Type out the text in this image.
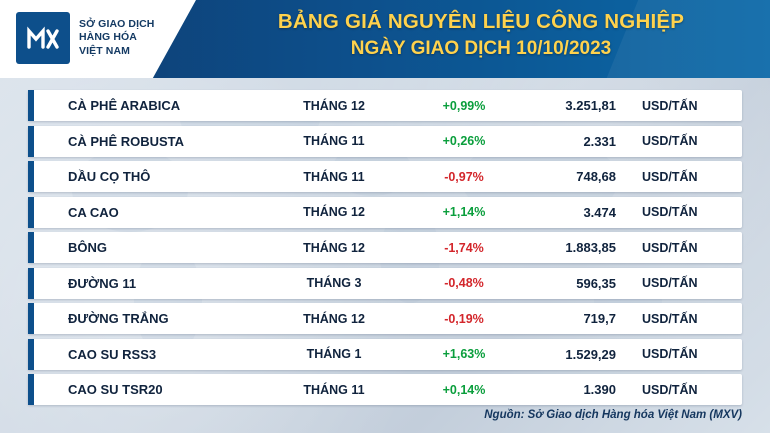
SỞ GIAO DỊCH
HÀNG HÓA
VIỆT NAM
BẢNG GIÁ NGUYÊN LIỆU CÔNG NGHIỆP
NGÀY GIAO DỊCH 10/10/2023
CÀ PHÊ ARABICA	THÁNG 12	+0,99%	3.251,81	USD/TẤN
CÀ PHÊ ROBUSTA	THÁNG 11	+0,26%	2.331	USD/TẤN
DẦU CỌ THÔ	THÁNG 11	-0,97%	748,68	USD/TẤN
CA CAO	THÁNG 12	+1,14%	3.474	USD/TẤN
BÔNG	THÁNG 12	-1,74%	1.883,85	USD/TẤN
ĐƯỜNG 11	THÁNG 3	-0,48%	596,35	USD/TẤN
ĐƯỜNG TRẮNG	THÁNG 12	-0,19%	719,7	USD/TẤN
CAO SU RSS3	THÁNG 1	+1,63%	1.529,29	USD/TẤN
CAO SU TSR20	THÁNG 11	+0,14%	1.390	USD/TẤN
Nguồn: Sở Giao dịch Hàng hóa Việt Nam (MXV)
